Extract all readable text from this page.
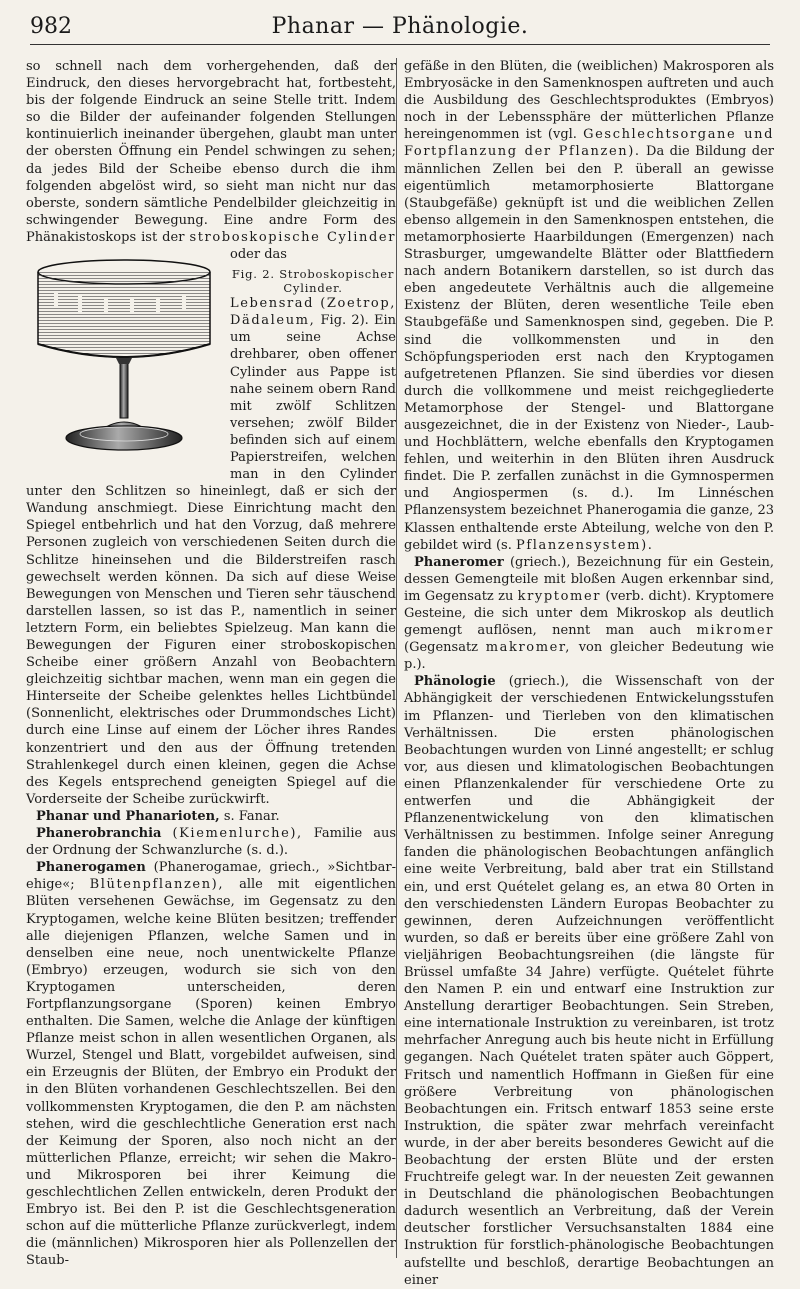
982	Phanar — Phänologie.

so schnell nach dem vorhergehenden, daß der Eindruck, den dieses hervorgebracht hat, fortbesteht, bis der folgende Eindruck an seine Stelle tritt. Indem so die Bilder der aufeinander folgenden Stellungen kontinuierlich ineinander übergehen, glaubt man unter der obersten Öffnung ein Pendel schwingen zu sehen; da jedes Bild der Scheibe ebenso durch die ihm folgenden abgelöst wird, so sieht man nicht nur das oberste, sondern sämtliche Pendelbilder gleichzeitig in schwingender Bewegung. Eine andre Form des Phänakistoskops ist der stroboskopische Cylinder oder das

Fig. 2. Stroboskopischer Cylinder.
Lebensrad (Zoetrop, Dädaleum, Fig. 2). Ein um seine Achse drehbarer, oben offener Cylinder aus Pappe ist nahe seinem obern Rand mit zwölf Schlitzen versehen; zwölf Bilder befinden sich auf einem Papierstreifen, welchen man in den Cylinder unter den Schlitzen so hineinlegt, daß er sich der Wandung anschmiegt. Diese Einrichtung macht den Spiegel entbehrlich und hat den Vorzug, daß mehrere Personen zugleich von verschiedenen Seiten durch die Schlitze hineinsehen und die Bilderstreifen rasch gewechselt werden können. Da sich auf diese Weise Bewegungen von Menschen und Tieren sehr täuschend darstellen lassen, so ist das P., namentlich in seiner letztern Form, ein beliebtes Spielzeug. Man kann die Bewegungen der Figuren einer stroboskopischen Scheibe einer größern Anzahl von Beobachtern gleichzeitig sichtbar machen, wenn man ein gegen die Hinterseite der Scheibe gelenktes helles Lichtbündel (Sonnenlicht, elektrisches oder Drummondsches Licht) durch eine Linse auf einem der Löcher ihres Randes konzentriert und den aus der Öffnung tretenden Strahlenkegel durch einen kleinen, gegen die Achse des Kegels entsprechend geneigten Spiegel auf die Vorderseite der Scheibe zurückwirft.

Phanar und Phanarioten, s. Fanar.

Phanerobranchia (Kiemenlurche), Familie aus der Ordnung der Schwanzlurche (s. d.).

Phanerogamen (Phanerogamae, griech., »Sichtbar-ehige«; Blütenpflanzen), alle mit eigentlichen Blüten versehenen Gewächse, im Gegensatz zu den Kryptogamen, welche keine Blüten besitzen; treffender alle diejenigen Pflanzen, welche Samen und in denselben eine neue, noch unentwickelte Pflanze (Embryo) erzeugen, wodurch sie sich von den Kryptogamen unterscheiden, deren Fortpflanzungsorgane (Sporen) keinen Embryo enthalten. Die Samen, welche die Anlage der künftigen Pflanze meist schon in allen wesentlichen Organen, als Wurzel, Stengel und Blatt, vorgebildet aufweisen, sind ein Erzeugnis der Blüten, der Embryo ein Produkt der in den Blüten vorhandenen Geschlechtszellen. Bei den vollkommensten Kryptogamen, die den P. am nächsten stehen, wird die geschlechtliche Generation erst nach der Keimung der Sporen, also noch nicht an der mütterlichen Pflanze, erreicht; wir sehen die Makro- und Mikrosporen bei ihrer Keimung die geschlechtlichen Zellen entwickeln, deren Produkt der Embryo ist. Bei den P. ist die Geschlechtsgeneration schon auf die mütterliche Pflanze zurückverlegt, indem die (männlichen) Mikrosporen hier als Pollenzellen der Staub-

gefäße in den Blüten, die (weiblichen) Makrosporen als Embryosäcke in den Samenknospen auftreten und auch die Ausbildung des Geschlechtsproduktes (Embryos) noch in der Lebenssphäre der mütterlichen Pflanze hereingenommen ist (vgl. Geschlechtsorgane und Fortpflanzung der Pflanzen). Da die Bildung der männlichen Zellen bei den P. überall an gewisse eigentümlich metamorphosierte Blattorgane (Staubgefäße) geknüpft ist und die weiblichen Zellen ebenso allgemein in den Samenknospen entstehen, die metamorphosierte Haarbildungen (Emergenzen) nach Strasburger, umgewandelte Blätter oder Blattfiedern nach andern Botanikern darstellen, so ist durch das eben angedeutete Verhältnis auch die allgemeine Existenz der Blüten, deren wesentliche Teile eben Staubgefäße und Samenknospen sind, gegeben. Die P. sind die vollkommensten und in den Schöpfungsperioden erst nach den Kryptogamen aufgetretenen Pflanzen. Sie sind überdies vor diesen durch die vollkommene und meist reichgegliederte Metamorphose der Stengel- und Blattorgane ausgezeichnet, die in der Existenz von Nieder-, Laub- und Hochblättern, welche ebenfalls den Kryptogamen fehlen, und weiterhin in den Blüten ihren Ausdruck findet. Die P. zerfallen zunächst in die Gymnospermen und Angiospermen (s. d.). Im Linnéschen Pflanzensystem bezeichnet Phanerogamia die ganze, 23 Klassen enthaltende erste Abteilung, welche von den P. gebildet wird (s. Pflanzensystem).

Phaneromer (griech.), Bezeichnung für ein Gestein, dessen Gemengteile mit bloßen Augen erkennbar sind, im Gegensatz zu kryptomer (verb. dicht). Kryptomere Gesteine, die sich unter dem Mikroskop als deutlich gemengt auflösen, nennt man auch mikromer (Gegensatz makromer, von gleicher Bedeutung wie p.).

Phänologie (griech.), die Wissenschaft von der Abhängigkeit der verschiedenen Entwickelungsstufen im Pflanzen- und Tierleben von den klimatischen Verhältnissen. Die ersten phänologischen Beobachtungen wurden von Linné angestellt; er schlug vor, aus diesen und klimatologischen Beobachtungen einen Pflanzenkalender für verschiedene Orte zu entwerfen und die Abhängigkeit der Pflanzenentwickelung von den klimatischen Verhältnissen zu bestimmen. Infolge seiner Anregung fanden die phänologischen Beobachtungen anfänglich eine weite Verbreitung, bald aber trat ein Stillstand ein, und erst Quételet gelang es, an etwa 80 Orten in den verschiedensten Ländern Europas Beobachter zu gewinnen, deren Aufzeichnungen veröffentlicht wurden, so daß er bereits über eine größere Zahl von vieljährigen Beobachtungsreihen (die längste für Brüssel umfaßte 34 Jahre) verfügte. Quételet führte den Namen P. ein und entwarf eine Instruktion zur Anstellung derartiger Beobachtungen. Sein Streben, eine internationale Instruktion zu vereinbaren, ist trotz mehrfacher Anregung auch bis heute nicht in Erfüllung gegangen. Nach Quételet traten später auch Göppert, Fritsch und namentlich Hoffmann in Gießen für eine größere Verbreitung von phänologischen Beobachtungen ein. Fritsch entwarf 1853 seine erste Instruktion, die später zwar mehrfach vereinfacht wurde, in der aber bereits besonderes Gewicht auf die Beobachtung der ersten Blüte und der ersten Fruchtreife gelegt war. In der neuesten Zeit gewannen in Deutschland die phänologischen Beobachtungen dadurch wesentlich an Verbreitung, daß der Verein deutscher forstlicher Versuchsanstalten 1884 eine Instruktion für forstlich-phänologische Beobachtungen aufstellte und beschloß, derartige Beobachtungen an einer
